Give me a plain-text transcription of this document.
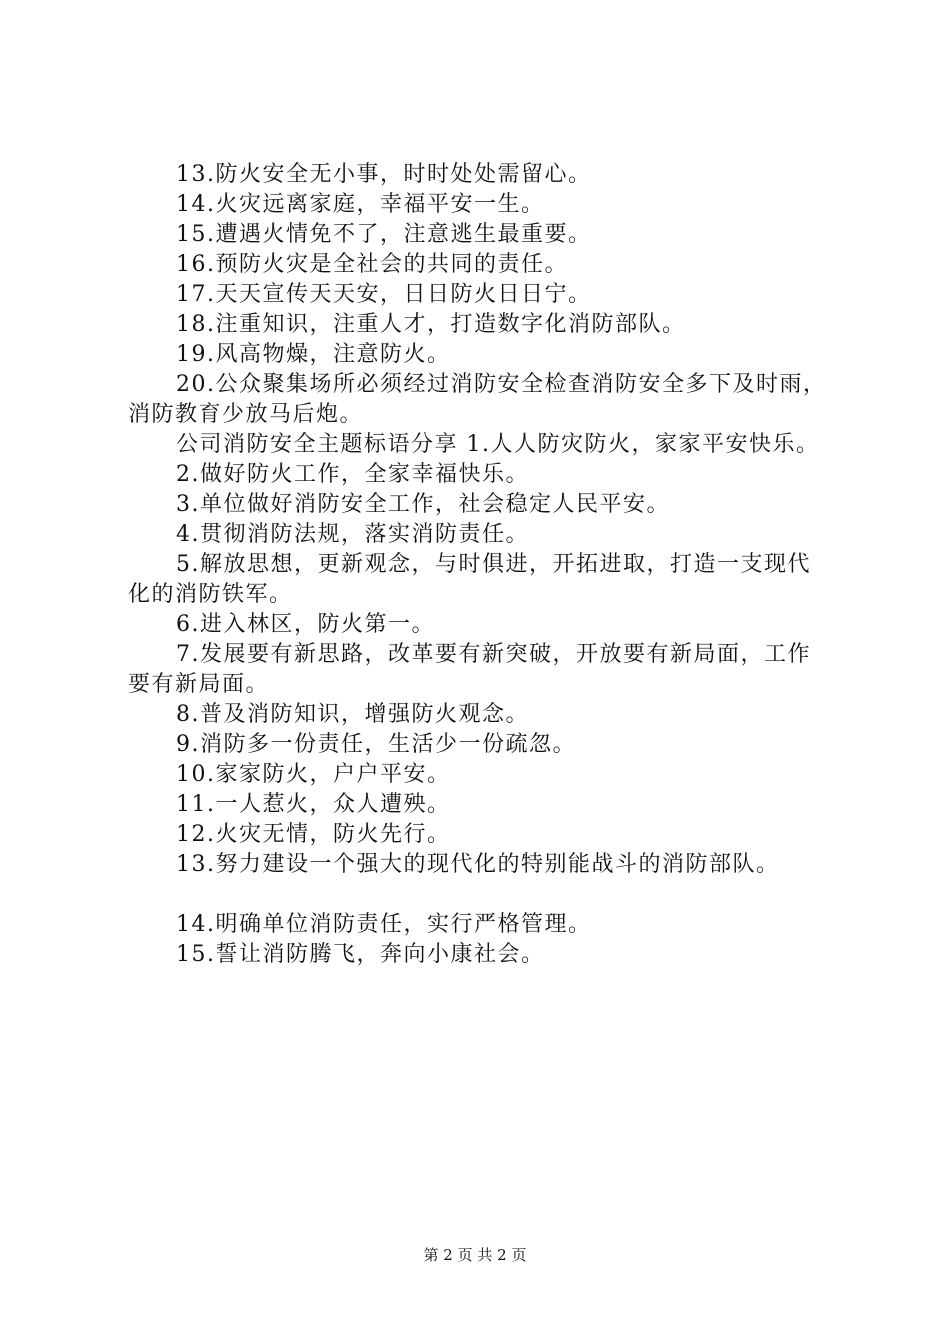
13.防火安全无小事，时时处处需留心。

14.火灾远离家庭，幸福平安一生。

15.遭遇火情免不了，注意逃生最重要。

16.预防火灾是全社会的共同的责任。

17.天天宣传天天安，日日防火日日宁。

18.注重知识，注重人才，打造数字化消防部队。

19.风高物燥，注意防火。

20.公众聚集场所必须经过消防安全检查消防安全多下及时雨，消防教育少放马后炮。

公司消防安全主题标语分享 1.人人防灾防火，家家平安快乐。

2.做好防火工作，全家幸福快乐。

3.单位做好消防安全工作，社会稳定人民平安。

4.贯彻消防法规，落实消防责任。

5.解放思想，更新观念，与时俱进，开拓进取，打造一支现代化的消防铁军。

6.进入林区，防火第一。

7.发展要有新思路，改革要有新突破，开放要有新局面，工作要有新局面。

8.普及消防知识，增强防火观念。

9.消防多一份责任，生活少一份疏忽。

10.家家防火，户户平安。

11.一人惹火，众人遭殃。

12.火灾无情，防火先行。

13.努力建设一个强大的现代化的特别能战斗的消防部队。

14.明确单位消防责任，实行严格管理。

15.誓让消防腾飞，奔向小康社会。

第 2 页 共 2 页
